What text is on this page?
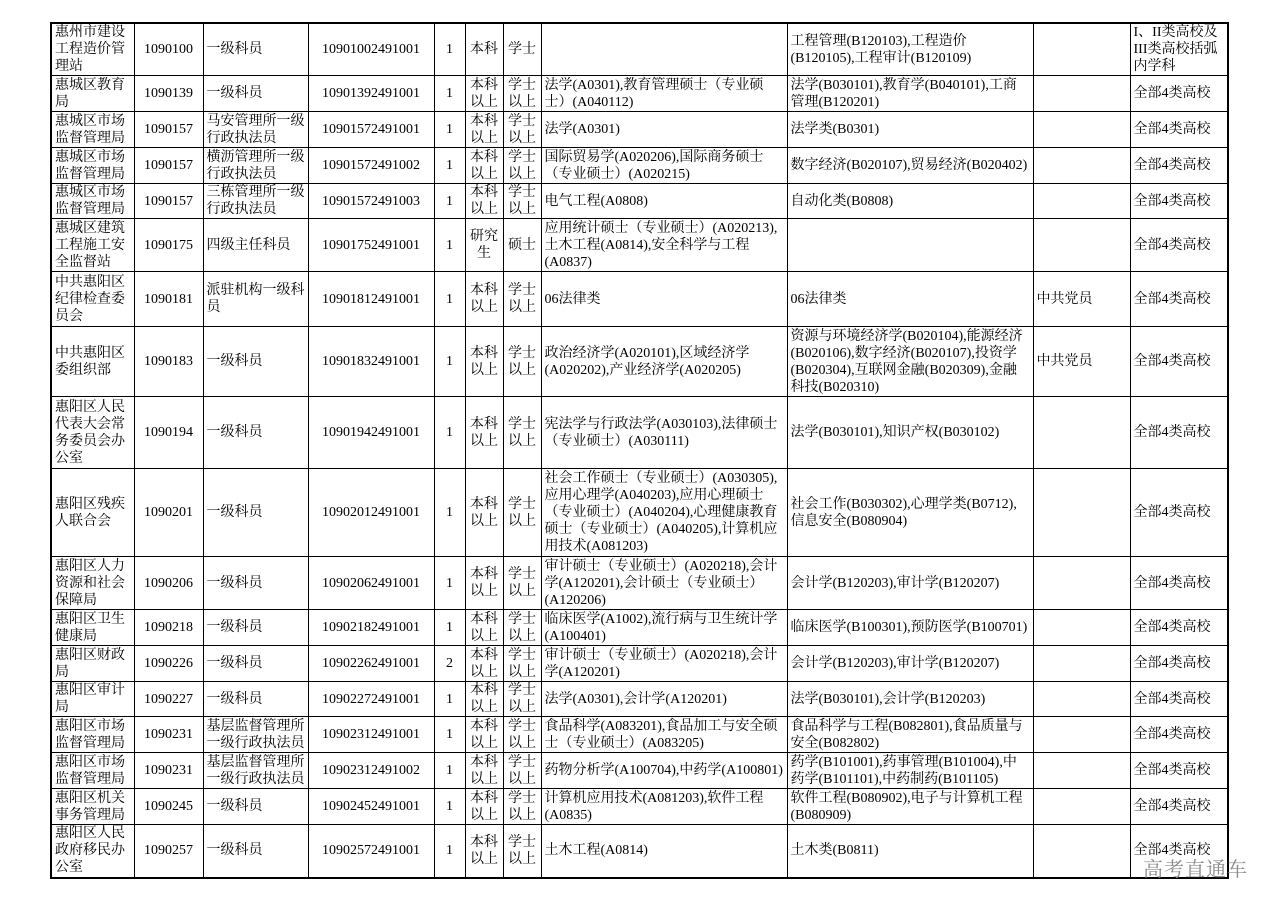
惠州市建设工程造价管理站	1090100	一级科员	10901002491001	1	本科	学士		工程管理(B120103),工程造价(B120105),工程审计(B120109)		I、II类高校及III类高校括弧内学科
惠城区教育局	1090139	一级科员	10901392491001	1	本科以上	学士以上	法学(A0301),教育管理硕士（专业硕士）(A040112)	法学(B030101),教育学(B040101),工商管理(B120201)		全部4类高校
惠城区市场监督管理局	1090157	马安管理所一级行政执法员	10901572491001	1	本科以上	学士以上	法学(A0301)	法学类(B0301)		全部4类高校
惠城区市场监督管理局	1090157	横沥管理所一级行政执法员	10901572491002	1	本科以上	学士以上	国际贸易学(A020206),国际商务硕士（专业硕士）(A020215)	数字经济(B020107),贸易经济(B020402)		全部4类高校
惠城区市场监督管理局	1090157	三栋管理所一级行政执法员	10901572491003	1	本科以上	学士以上	电气工程(A0808)	自动化类(B0808)		全部4类高校
惠城区建筑工程施工安全监督站	1090175	四级主任科员	10901752491001	1	研究生	硕士	应用统计硕士（专业硕士）(A020213),土木工程(A0814),安全科学与工程(A0837)			全部4类高校
中共惠阳区纪律检查委员会	1090181	派驻机构一级科员	10901812491001	1	本科以上	学士以上	06法律类	06法律类	中共党员	全部4类高校
中共惠阳区委组织部	1090183	一级科员	10901832491001	1	本科以上	学士以上	政治经济学(A020101),区域经济学(A020202),产业经济学(A020205)	资源与环境经济学(B020104),能源经济(B020106),数字经济(B020107),投资学(B020304),互联网金融(B020309),金融科技(B020310)	中共党员	全部4类高校
惠阳区人民代表大会常务委员会办公室	1090194	一级科员	10901942491001	1	本科以上	学士以上	宪法学与行政法学(A030103),法律硕士（专业硕士）(A030111)	法学(B030101),知识产权(B030102)		全部4类高校
惠阳区残疾人联合会	1090201	一级科员	10902012491001	1	本科以上	学士以上	社会工作硕士（专业硕士）(A030305),应用心理学(A040203),应用心理硕士（专业硕士）(A040204),心理健康教育硕士（专业硕士）(A040205),计算机应用技术(A081203)	社会工作(B030302),心理学类(B0712),信息安全(B080904)		全部4类高校
惠阳区人力资源和社会保障局	1090206	一级科员	10902062491001	1	本科以上	学士以上	审计硕士（专业硕士）(A020218),会计学(A120201),会计硕士（专业硕士）(A120206)	会计学(B120203),审计学(B120207)		全部4类高校
惠阳区卫生健康局	1090218	一级科员	10902182491001	1	本科以上	学士以上	临床医学(A1002),流行病与卫生统计学(A100401)	临床医学(B100301),预防医学(B100701)		全部4类高校
惠阳区财政局	1090226	一级科员	10902262491001	2	本科以上	学士以上	审计硕士（专业硕士）(A020218),会计学(A120201)	会计学(B120203),审计学(B120207)		全部4类高校
惠阳区审计局	1090227	一级科员	10902272491001	1	本科以上	学士以上	法学(A0301),会计学(A120201)	法学(B030101),会计学(B120203)		全部4类高校
惠阳区市场监督管理局	1090231	基层监督管理所一级行政执法员	10902312491001	1	本科以上	学士以上	食品科学(A083201),食品加工与安全硕士（专业硕士）(A083205)	食品科学与工程(B082801),食品质量与安全(B082802)		全部4类高校
惠阳区市场监督管理局	1090231	基层监督管理所一级行政执法员	10902312491002	1	本科以上	学士以上	药物分析学(A100704),中药学(A100801)	药学(B101001),药事管理(B101004),中药学(B101101),中药制药(B101105)		全部4类高校
惠阳区机关事务管理局	1090245	一级科员	10902452491001	1	本科以上	学士以上	计算机应用技术(A081203),软件工程(A0835)	软件工程(B080902),电子与计算机工程(B080909)		全部4类高校
惠阳区人民政府移民办公室	1090257	一级科员	10902572491001	1	本科以上	学士以上	土木工程(A0814)	土木类(B0811)		全部4类高校
高考直通车
